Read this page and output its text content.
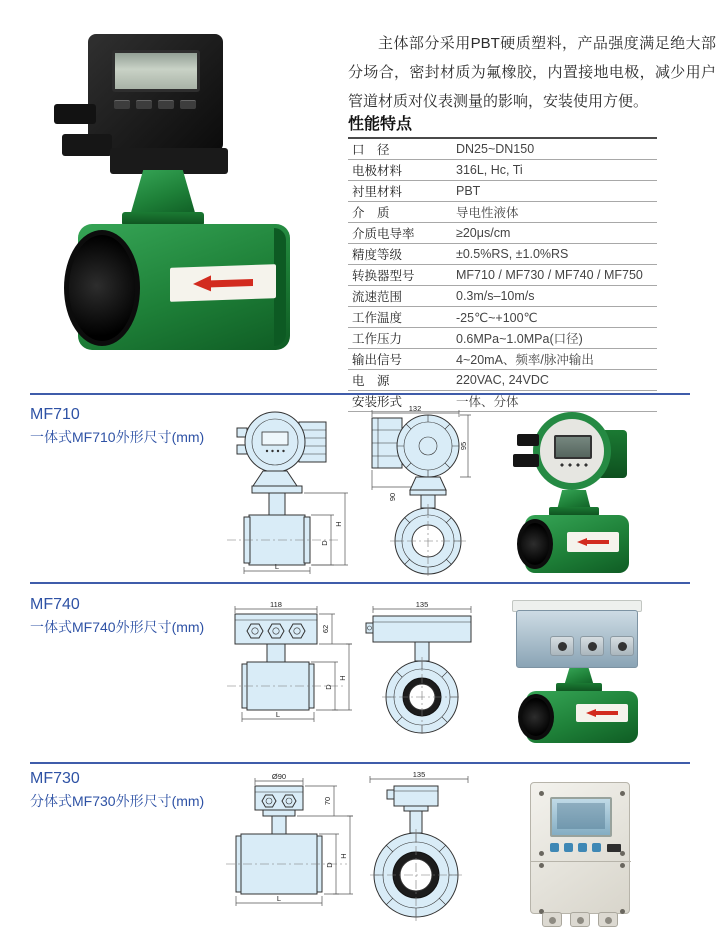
主体部分采用PBT硬质塑料，产品强度满足绝大部分场合，密封材质为氟橡胶，内置接地电极，减少用户管道材质对仪表测量的影响，安装使用方便。

性能特点
口　径	DN25~DN150
电极材料	316L, Hc, Ti
衬里材料	PBT
介　质	导电性液体
介质电导率	≥20μs/cm
精度等级	±0.5%RS, ±1.0%RS
转换器型号	MF710 / MF730 / MF740 / MF750
流速范围	0.3m/s–10m/s
工作温度	-25℃~+100℃
工作压力	0.6MPa~1.0MPa(口径)
输出信号	4~20mA、频率/脉冲输出
电　源	220VAC, 24VDC
安装形式	一体、分体
MF710
一体式MF710外形尺寸(mm)
H
D
L
132
95
90
MF740
一体式MF740外形尺寸(mm)
118
62
H
D
L
135
MF730
分体式MF730外形尺寸(mm)
Ø90
70
H
D
L
135
